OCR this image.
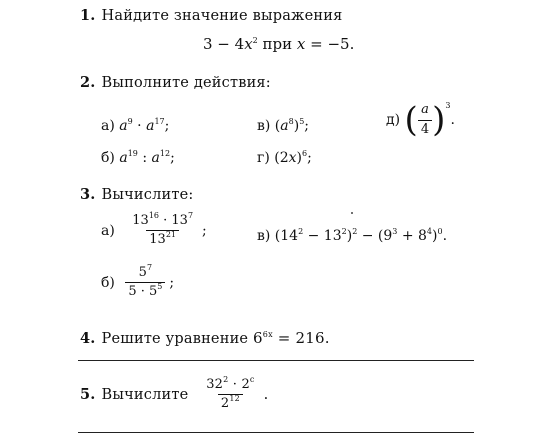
1. Найдите значение выражения
$3 - 4x^2$ при x = −5.
2. Выполните действия:
а) $a^9 \cdot a^{17}$;
б) $a^{19}$ : $a^{12}$;
в) $(a^8)^5$;
г) $(2x)^6$;
д) ( $\frac{a}{4} )^3$.
3. Вычислите:
$а) \frac{13^{16} \cdot 13^7}{13^{21}}$ ;	в) $(14^2 - 13^2)^2 - (9^3 + 8^4)^0$.
$б) \frac{5^7}{5 \cdot 5^5}$ ;
4. Решите уравнение $6^{6x} = 216$.
5. Вычислите $\frac{32^2 \cdot 2^c}{2^{12}}$ .
